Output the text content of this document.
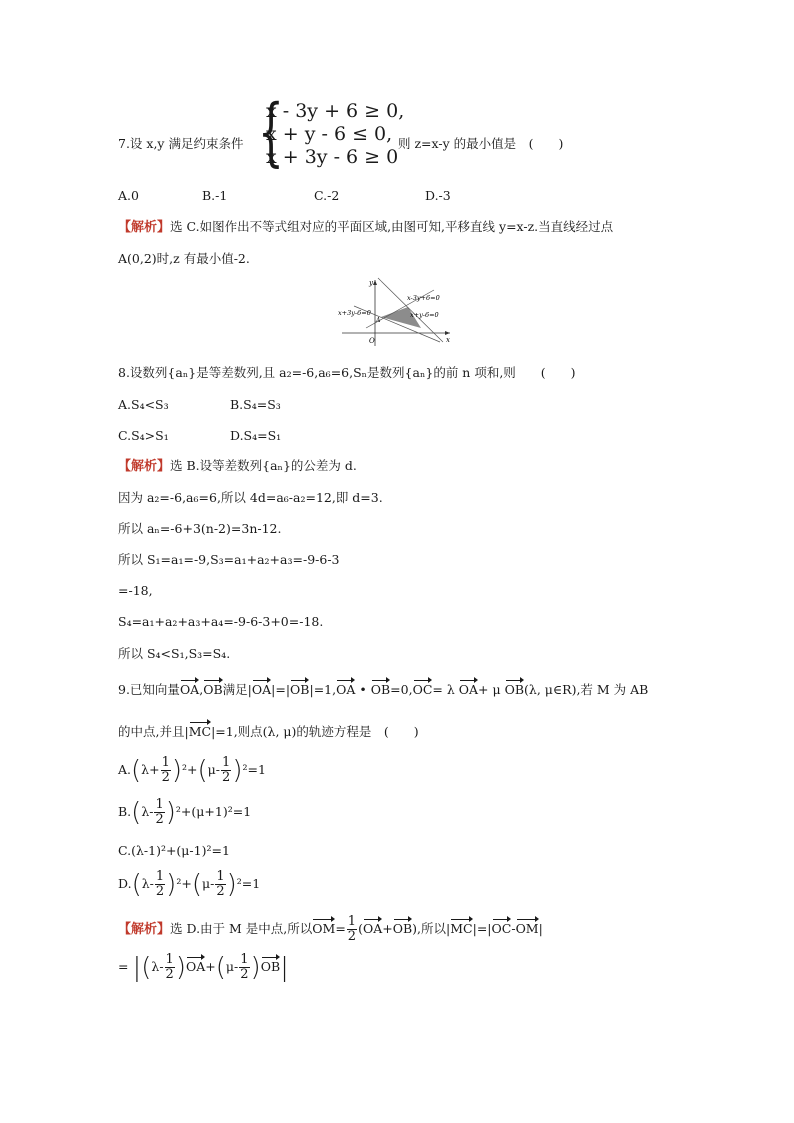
7.设 x,y 满足约束条件 {
x - 3y + 6 ≥ 0,
x + y - 6 ≤ 0,
x + 3y - 6 ≥ 0
则 z=x-y 的最小值是　(　　)
A.0	B.-1	C.-2	D.-3
【解析】选 C.如图作出不等式组对应的平面区域,由图可知,平移直线 y=x-z.当直线经过点
A(0,2)时,z 有最小值-2.
y
x
O
A
x-3y+6=0
x+y-6=0
x+3y-6=0
8.设数列{aₙ}是等差数列,且 a₂=-6,a₆=6,Sₙ是数列{aₙ}的前 n 项和,则　　(　　)
A.S₄<S₃	B.S₄=S₃
C.S₄>S₁	D.S₄=S₁
【解析】选 B.设等差数列{aₙ}的公差为 d.
因为 a₂=-6,a₆=6,所以 4d=a₆-a₂=12,即 d=3.
所以 aₙ=-6+3(n-2)=3n-12.
所以 S₁=a₁=-9,S₃=a₁+a₂+a₃=-9-6-3
=-18,
S₄=a₁+a₂+a₃+a₄=-9-6-3+0=-18.
所以 S₄<S₁,S₃=S₄.
9.已知向量OA,OB满足|OA|=|OB|=1,OA • OB=0,OC= λ OA+ μ OB(λ, μ∈R),若 M 为 AB
的中点,并且|MC|=1,则点(λ, μ)的轨迹方程是　(　　)
$A.(\lambda+ \frac{1}{2} )^2+(\mu- \frac{1}{2} )^2=1$
$B.(\lambda- \frac{1}{2} )^2+(\mu+1)^2=1$
C.(λ-1)²+(μ-1)²=1
$D.(\lambda- \frac{1}{2} )^2+(\mu- \frac{1}{2} )^2=1$
【解析】选 D.由于 M 是中点,所以$OM= \frac{1}{2} (OA+OB)$,所以|MC|=|OC-OM|
= $|(\lambda- \frac{1}{2} )OA+(\mu- \frac{1}{2} )OB|$
